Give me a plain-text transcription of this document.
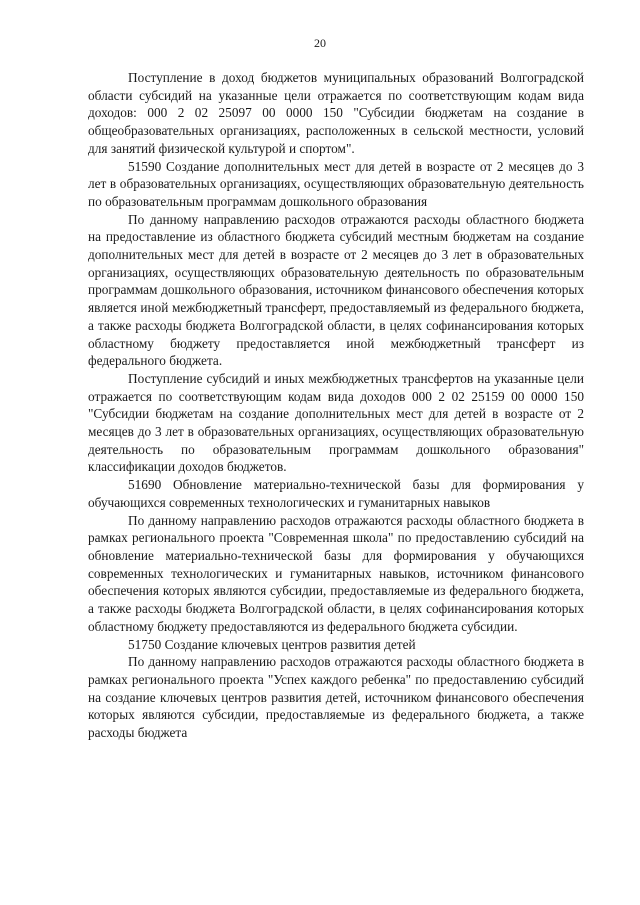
20

Поступление в доход бюджетов муниципальных образований Волгоградской области субсидий на указанные цели отражается по соответствующим кодам вида доходов: 000 2 02 25097 00 0000 150 "Субсидии бюджетам на создание в общеобразовательных организациях, расположенных в сельской местности, условий для занятий физической культурой и спортом".

51590 Создание дополнительных мест для детей в возрасте от 2 месяцев до 3 лет в образовательных организациях, осуществляющих образовательную деятельность по образовательным программам дошкольного образования

По данному направлению расходов отражаются расходы областного бюджета на предоставление из областного бюджета субсидий местным бюджетам на создание дополнительных мест для детей в возрасте от 2 месяцев до 3 лет в образовательных организациях, осуществляющих образовательную деятельность по образовательным программам дошкольного образования, источником финансового обеспечения которых является иной межбюджетный трансферт, предоставляемый из федерального бюджета, а также расходы бюджета Волгоградской области, в целях софинансирования которых областному бюджету предоставляется иной межбюджетный трансферт из федерального бюджета.

Поступление субсидий и иных межбюджетных трансфертов на указанные цели отражается по соответствующим кодам вида доходов 000 2 02 25159 00 0000 150 "Субсидии бюджетам на создание дополнительных мест для детей в возрасте от 2 месяцев до 3 лет в образовательных организациях, осуществляющих образовательную деятельность по образовательным программам дошкольного образования" классификации доходов бюджетов.

51690 Обновление материально-технической базы для формирования у обучающихся современных технологических и гуманитарных навыков

По данному направлению расходов отражаются расходы областного бюджета в рамках регионального проекта "Современная школа" по предоставлению субсидий на обновление материально-технической базы для формирования у обучающихся современных технологических и гуманитарных навыков, источником финансового обеспечения которых являются субсидии, предоставляемые из федерального бюджета, а также расходы бюджета Волгоградской области, в целях софинансирования которых областному бюджету предоставляются из федерального бюджета субсидии.

51750 Создание ключевых центров развития детей

По данному направлению расходов отражаются расходы областного бюджета в рамках регионального проекта "Успех каждого ребенка" по предоставлению субсидий на создание ключевых центров развития детей, источником финансового обеспечения которых являются субсидии, предоставляемые из федерального бюджета, а также расходы бюджета
